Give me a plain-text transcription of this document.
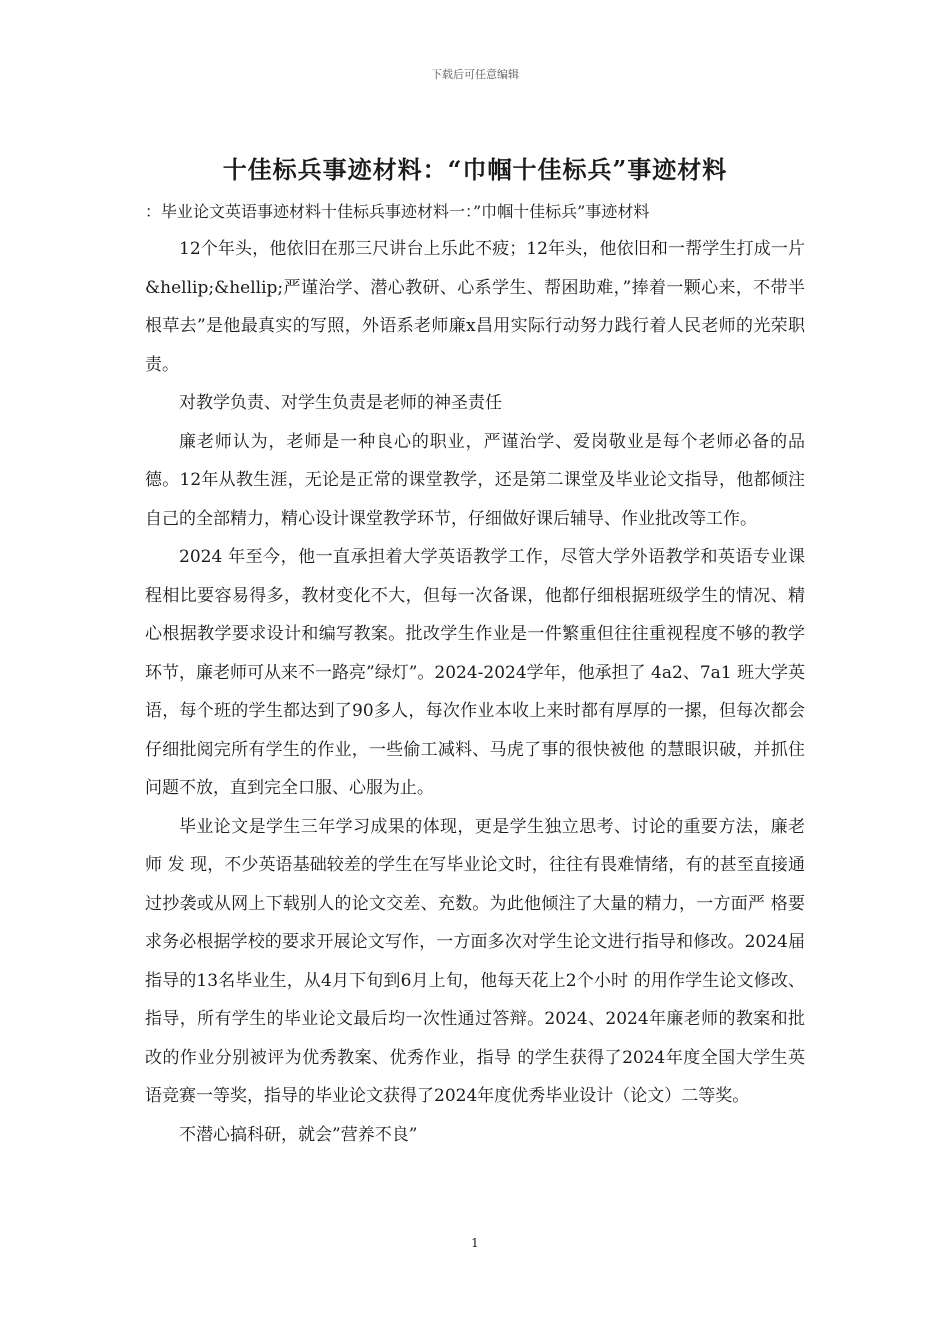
下载后可任意编辑
十佳标兵事迹材料：“巾帼十佳标兵”事迹材料

：毕业论文英语事迹材料十佳标兵事迹材料一：”巾帼十佳标兵”事迹材料

12个年头，他依旧在那三尺讲台上乐此不疲；12年头，他依旧和一帮学生打成一片&hellip;&hellip;严谨治学、潜心教研、心系学生、帮困助难，”捧着一颗心来，不带半根草去”是他最真实的写照，外语系老师廉x昌用实际行动努力践行着人民老师的光荣职责。

对教学负责、对学生负责是老师的神圣责任

廉老师认为，老师是一种良心的职业，严谨治学、爱岗敬业是每个老师必备的品德。12年从教生涯，无论是正常的课堂教学，还是第二课堂及毕业论文指导，他都倾注自己的全部精力，精心设计课堂教学环节，仔细做好课后辅导、作业批改等工作。

2024 年至今，他一直承担着大学英语教学工作，尽管大学外语教学和英语专业课程相比要容易得多，教材变化不大，但每一次备课，他都仔细根据班级学生的情况、精 心根据教学要求设计和编写教案。批改学生作业是一件繁重但往往重视程度不够的教学环节，廉老师可从来不一路亮”绿灯”。2024-2024学年，他承担了 4a2、7a1 班大学英语，每个班的学生都达到了90多人，每次作业本收上来时都有厚厚的一摞，但每次都会仔细批阅完所有学生的作业，一些偷工减料、马虎了事的很快被他 的慧眼识破，并抓住问题不放，直到完全口服、心服为止。

毕业论文是学生三年学习成果的体现，更是学生独立思考、讨论的重要方法，廉老师 发 现，不少英语基础较差的学生在写毕业论文时，往往有畏难情绪，有的甚至直接通过抄袭或从网上下载别人的论文交差、充数。为此他倾注了大量的精力，一方面严 格要求务必根据学校的要求开展论文写作，一方面多次对学生论文进行指导和修改。2024届指导的13名毕业生，从4月下旬到6月上旬，他每天花上2个小时 的用作学生论文修改、指导，所有学生的毕业论文最后均一次性通过答辩。2024、2024年廉老师的教案和批改的作业分别被评为优秀教案、优秀作业，指导 的学生获得了2024年度全国大学生英语竞赛一等奖，指导的毕业论文获得了2024年度优秀毕业设计（论文）二等奖。

不潜心搞科研，就会”营养不良”

1
